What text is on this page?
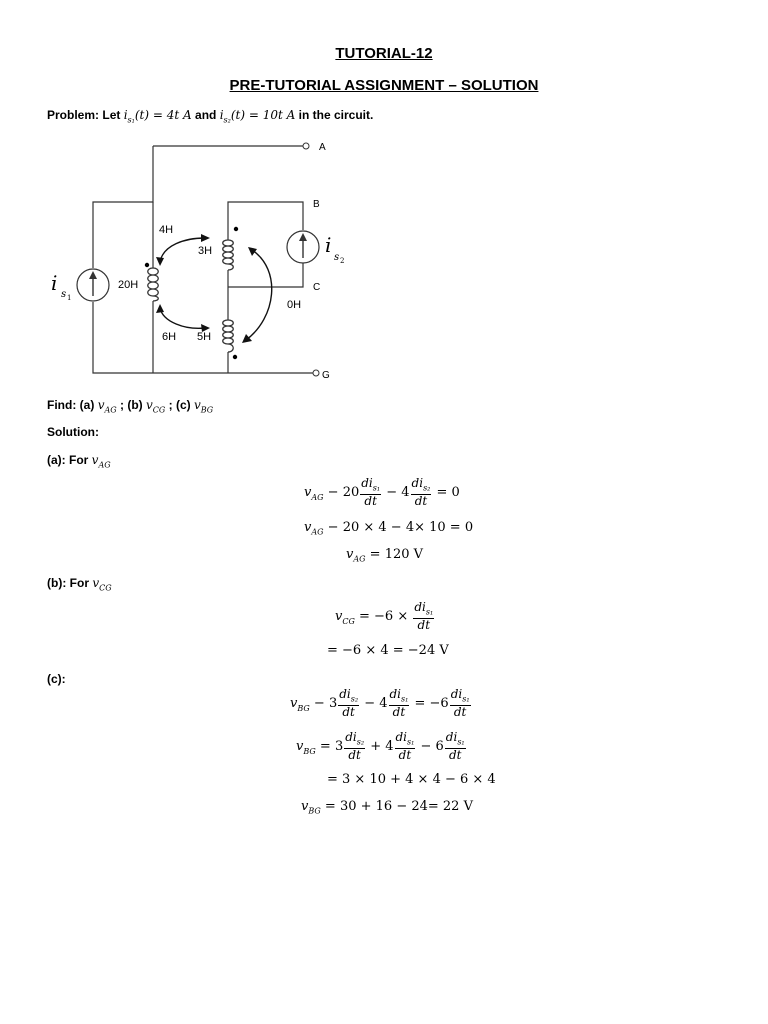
TUTORIAL-12
PRE-TUTORIAL ASSIGNMENT – SOLUTION
Problem: Let $i_{s_1}(t) = 4t$ A and $i_{s_2}(t) = 10t$ A in the circuit.
A
B
C
G
20H
3H
5H
4H
6H
0H
i s 1
i
s 2
Find: (a) $v_{AG}$ ; (b) $v_{CG}$ ; (c) $v_{BG}$
Solution:
(a): For $v_{AG}$
$v_{AG} - 20 \frac{di_{s_1}}{dt} - 4 \frac{di_{s_2}}{dt} = 0$
$v_{AG} - 20 \times 4 - 4\times 10 = 0$
$v_{AG} = 120$ V
(b): For $v_{CG}$
$v_{CG} = -6 \times \frac{di_{s_1}}{dt}$
= −6 × 4 = −24 V
(c):
$v_{BG} - 3 \frac{di_{s_2}}{dt} - 4 \frac{di_{s_1}}{dt} = -6 \frac{di_{s_1}}{dt}$
$v_{BG} = 3 \frac{di_{s_2}}{dt} + 4 \frac{di_{s_1}}{dt} - 6 \frac{di_{s_1}}{dt}$
= 3 × 10 + 4 × 4 − 6 × 4
$v_{BG} = 30 + 16 - 24= 22$ V
